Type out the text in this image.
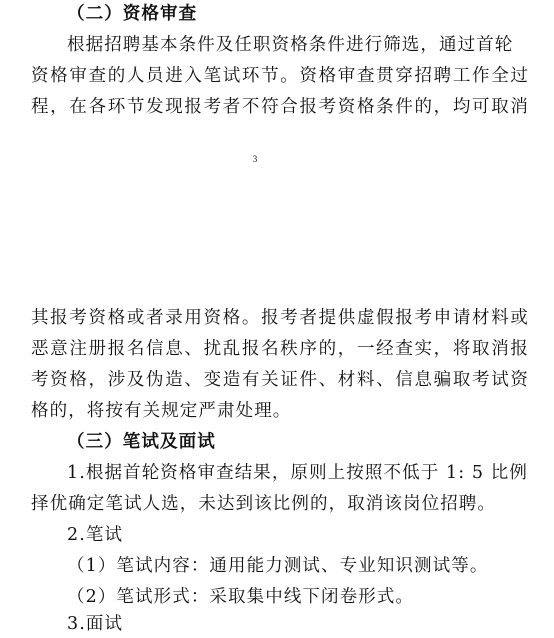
（二）资格审查
根据招聘基本条件及任职资格条件进行筛选，通过首轮
资格审查的人员进入笔试环节。资格审查贯穿招聘工作全过
程，在各环节发现报考者不符合报考资格条件的，均可取消
3
其报考资格或者录用资格。报考者提供虚假报考申请材料或
恶意注册报名信息、扰乱报名秩序的，一经查实，将取消报
考资格，涉及伪造、变造有关证件、材料、信息骗取考试资
格的，将按有关规定严肃处理。
（三）笔试及面试
1.根据首轮资格审查结果，原则上按照不低于 1: 5 比例
择优确定笔试人选，未达到该比例的，取消该岗位招聘。
2.笔试
（1）笔试内容：通用能力测试、专业知识测试等。
（2）笔试形式：采取集中线下闭卷形式。
3.面试
